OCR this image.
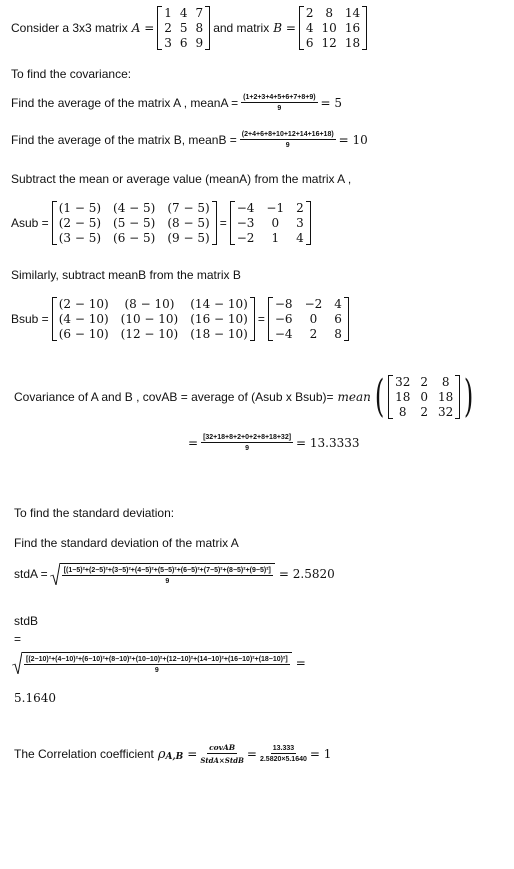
Consider a 3x3 matrix A =
1 4 7
2 5 8
3 6 9
and matrix B =
2 8 14
4 10 16
6 12 18
To find the covariance:
Find the average of the matrix A , meanA = $\frac{(1+2+3+4+5+6+7+8+9)}{9} = 5$
Find the average of the matrix B, meanB = $\frac{(2+4+6+8+10+12+14+16+18)}{9} = 10$
Subtract the mean or average value (meanA) from the matrix A ,
Asub =
(1 − 5) (4 − 5) (7 − 5)
(2 − 5) (5 − 5) (8 − 5)
(3 − 5) (6 − 5) (9 − 5)
=
−4 −1 2
−3	0	3
−2	1	4
Similarly, subtract meanB from the matrix B
Bsub =
(2 − 10)	(8 − 10)	(14 − 10)
(4 − 10) (10 − 10) (16 − 10)
(6 − 10) (12 − 10) (18 − 10)
=
−8 −2 4
−6	0	6
−4	2	8
Covariance of A and B , covAB = average of (Asub x Bsub)= mean ( 32 2	8
18 0 18
8	2 32 )
= $\frac{[32+18+8+2+0+2+8+18+32]}{9} = 13.3333$
To find the standard deviation:
Find the standard deviation of the matrix A
stdA = [(1−5)²+(2−5)²+(3−5)²+(4−5)²+(5−5)²+(6−5)²+(7−5)²+(8−5)²+(9−5)²]
9
= 2.5820
stdB
=
[(2−10)²+(4−10)²+(6−10)²+(8−10)²+(10−10)²+(12−10)²+(14−10)²+(16−10)²+(18−10)²]
9
=
5.1640
The Correlation coefficient ρ $A,B = \frac{\text{covAB}}{\text{StdA×StdB}} = \frac{13.333}{2.5820\times 5.1640} = 1$
